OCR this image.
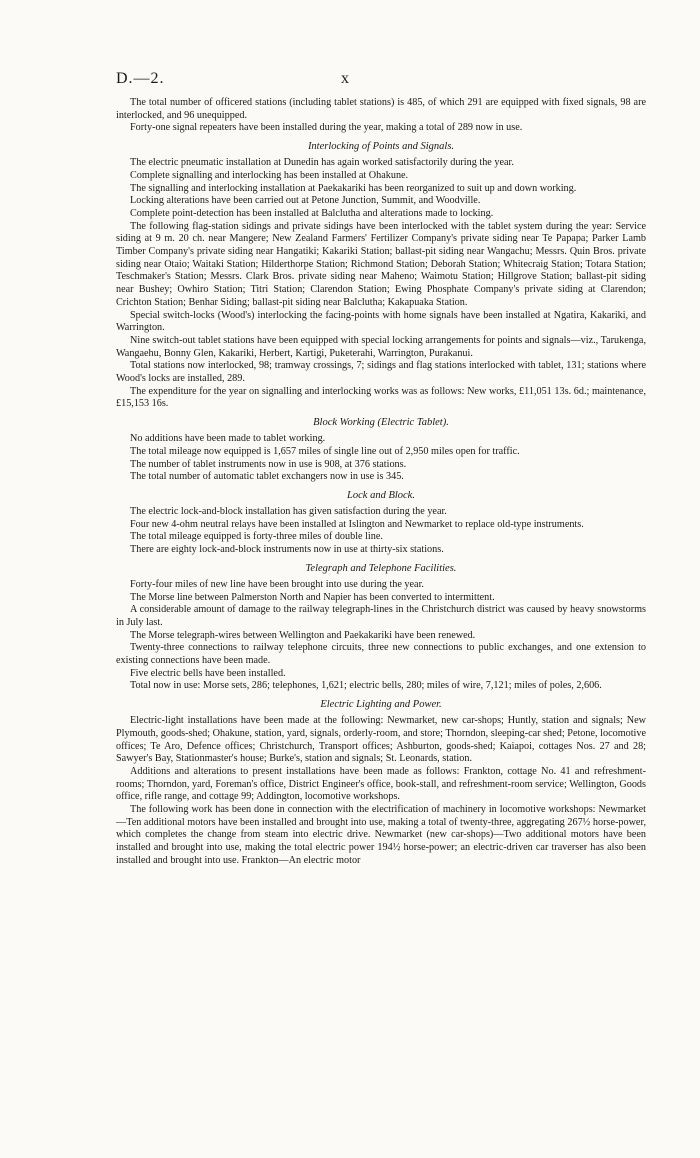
D.—2.	x

The total number of officered stations (including tablet stations) is 485, of which 291 are equipped with fixed signals, 98 are interlocked, and 96 unequipped.

Forty-one signal repeaters have been installed during the year, making a total of 289 now in use.

Interlocking of Points and Signals.

The electric pneumatic installation at Dunedin has again worked satisfactorily during the year.

Complete signalling and interlocking has been installed at Ohakune.

The signalling and interlocking installation at Paekakariki has been reorganized to suit up and down working.

Locking alterations have been carried out at Petone Junction, Summit, and Woodville.

Complete point-detection has been installed at Balclutha and alterations made to locking.

The following flag-station sidings and private sidings have been interlocked with the tablet system during the year: Service siding at 9 m. 20 ch. near Mangere; New Zealand Farmers' Fertilizer Company's private siding near Te Papapa; Parker Lamb Timber Company's private siding near Hangatiki; Kakariki Station; ballast-pit siding near Wangachu; Messrs. Quin Bros. private siding near Otaio; Waitaki Station; Hilderthorpe Station; Richmond Station; Deborah Station; Whitecraig Station; Totara Station; Teschmaker's Station; Messrs. Clark Bros. private siding near Maheno; Waimotu Station; Hillgrove Station; ballast-pit siding near Bushey; Owhiro Station; Titri Station; Clarendon Station; Ewing Phosphate Company's private siding at Clarendon; Crichton Station; Benhar Siding; ballast-pit siding near Balclutha; Kakapuaka Station.

Special switch-locks (Wood's) interlocking the facing-points with home signals have been installed at Ngatira, Kakariki, and Warrington.

Nine switch-out tablet stations have been equipped with special locking arrangements for points and signals—viz., Tarukenga, Wangaehu, Bonny Glen, Kakariki, Herbert, Kartigi, Puketerahi, Warrington, Purakanui.

Total stations now interlocked, 98; tramway crossings, 7; sidings and flag stations interlocked with tablet, 131; stations where Wood's locks are installed, 289.

The expenditure for the year on signalling and interlocking works was as follows: New works, £11,051 13s. 6d.; maintenance, £15,153 16s.

Block Working (Electric Tablet).

No additions have been made to tablet working.

The total mileage now equipped is 1,657 miles of single line out of 2,950 miles open for traffic.

The number of tablet instruments now in use is 908, at 376 stations.

The total number of automatic tablet exchangers now in use is 345.

Lock and Block.

The electric lock-and-block installation has given satisfaction during the year.

Four new 4-ohm neutral relays have been installed at Islington and Newmarket to replace old-type instruments.

The total mileage equipped is forty-three miles of double line.

There are eighty lock-and-block instruments now in use at thirty-six stations.

Telegraph and Telephone Facilities.

Forty-four miles of new line have been brought into use during the year.

The Morse line between Palmerston North and Napier has been converted to intermittent.

A considerable amount of damage to the railway telegraph-lines in the Christchurch district was caused by heavy snowstorms in July last.

The Morse telegraph-wires between Wellington and Paekakariki have been renewed.

Twenty-three connections to railway telephone circuits, three new connections to public exchanges, and one extension to existing connections have been made.

Five electric bells have been installed.

Total now in use: Morse sets, 286; telephones, 1,621; electric bells, 280; miles of wire, 7,121; miles of poles, 2,606.

Electric Lighting and Power.

Electric-light installations have been made at the following: Newmarket, new car-shops; Huntly, station and signals; New Plymouth, goods-shed; Ohakune, station, yard, signals, orderly-room, and store; Thorndon, sleeping-car shed; Petone, locomotive offices; Te Aro, Defence offices; Christchurch, Transport offices; Ashburton, goods-shed; Kaiapoi, cottages Nos. 27 and 28; Sawyer's Bay, Stationmaster's house; Burke's, station and signals; St. Leonards, station.

Additions and alterations to present installations have been made as follows: Frankton, cottage No. 41 and refreshment-rooms; Thorndon, yard, Foreman's office, District Engineer's office, book-stall, and refreshment-room service; Wellington, Goods office, rifle range, and cottage 99; Addington, locomotive workshops.

The following work has been done in connection with the electrification of machinery in locomotive workshops: Newmarket—Ten additional motors have been installed and brought into use, making a total of twenty-three, aggregating 267½ horse-power, which completes the change from steam into electric drive. Newmarket (new car-shops)—Two additional motors have been installed and brought into use, making the total electric power 194½ horse-power; an electric-driven car traverser has also been installed and brought into use. Frankton—An electric motor
